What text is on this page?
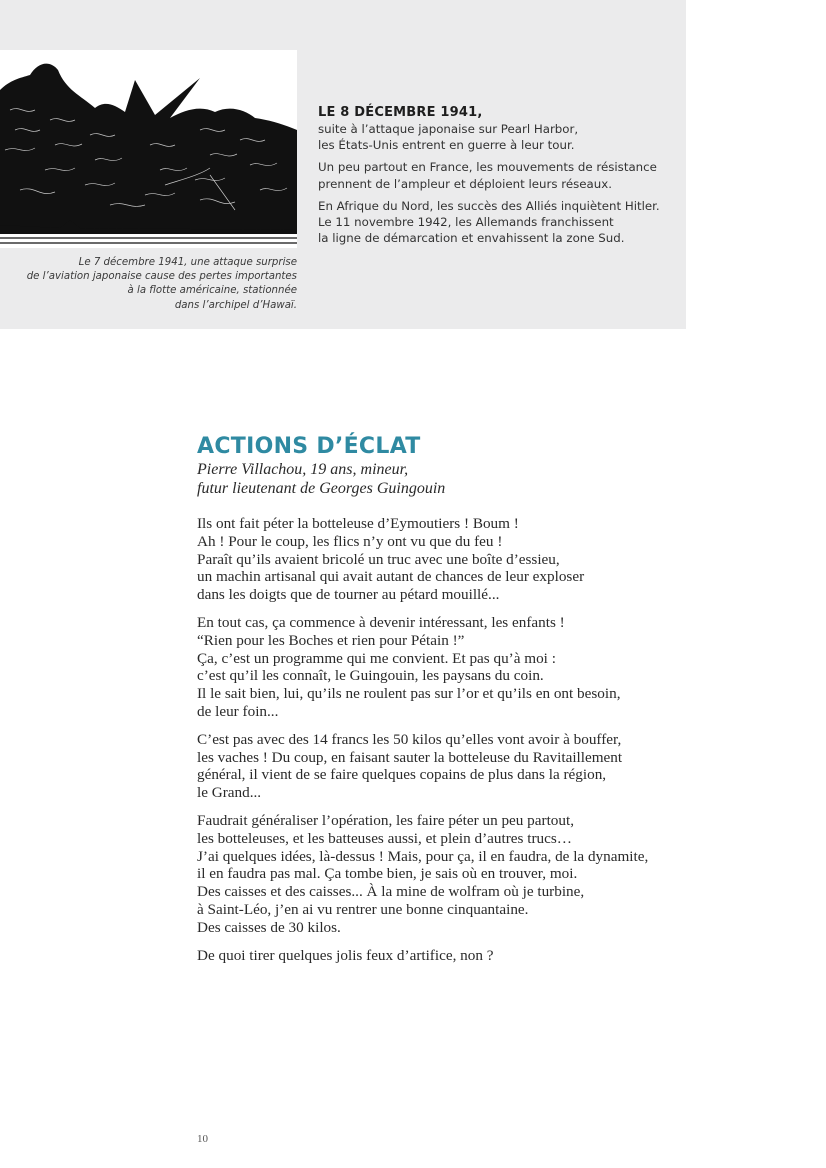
Le 7 décembre 1941, une attaque surprise
de l’aviation japonaise cause des pertes importantes
à la flotte américaine, stationnée
dans l’archipel d’Hawaï.
LE 8 DÉCEMBRE 1941,
suite à l’attaque japonaise sur Pearl Harbor,
les États-Unis entrent en guerre à leur tour.
Un peu partout en France, les mouvements de résistance
prennent de l’ampleur et déploient leurs réseaux.
En Afrique du Nord, les succès des Alliés inquiètent Hitler.
Le 11 novembre 1942, les Allemands franchissent
la ligne de démarcation et envahissent la zone Sud.
ACTIONS D’ÉCLAT
Pierre Villachou, 19 ans, mineur,
futur lieutenant de Georges Guingouin
Ils ont fait péter la botteleuse d’Eymoutiers ! Boum !
Ah ! Pour le coup, les flics n’y ont vu que du feu !
Paraît qu’ils avaient bricolé un truc avec une boîte d’essieu,
un machin artisanal qui avait autant de chances de leur exploser
dans les doigts que de tourner au pétard mouillé...
En tout cas, ça commence à devenir intéressant, les enfants !
“Rien pour les Boches et rien pour Pétain !”
Ça, c’est un programme qui me convient. Et pas qu’à moi :
c’est qu’il les connaît, le Guingouin, les paysans du coin.
Il le sait bien, lui, qu’ils ne roulent pas sur l’or et qu’ils en ont besoin,
de leur foin...
C’est pas avec des 14 francs les 50 kilos qu’elles vont avoir à bouffer,
les vaches ! Du coup, en faisant sauter la botteleuse du Ravitaillement
général, il vient de se faire quelques copains de plus dans la région,
le Grand...
Faudrait généraliser l’opération, les faire péter un peu partout,
les botteleuses, et les batteuses aussi, et plein d’autres trucs…
J’ai quelques idées, là-dessus ! Mais, pour ça, il en faudra, de la dynamite,
il en faudra pas mal. Ça tombe bien, je sais où en trouver, moi.
Des caisses et des caisses... À la mine de wolfram où je turbine,
à Saint-Léo, j’en ai vu rentrer une bonne cinquantaine.
Des caisses de 30 kilos.
De quoi tirer quelques jolis feux d’artifice, non ?
10
